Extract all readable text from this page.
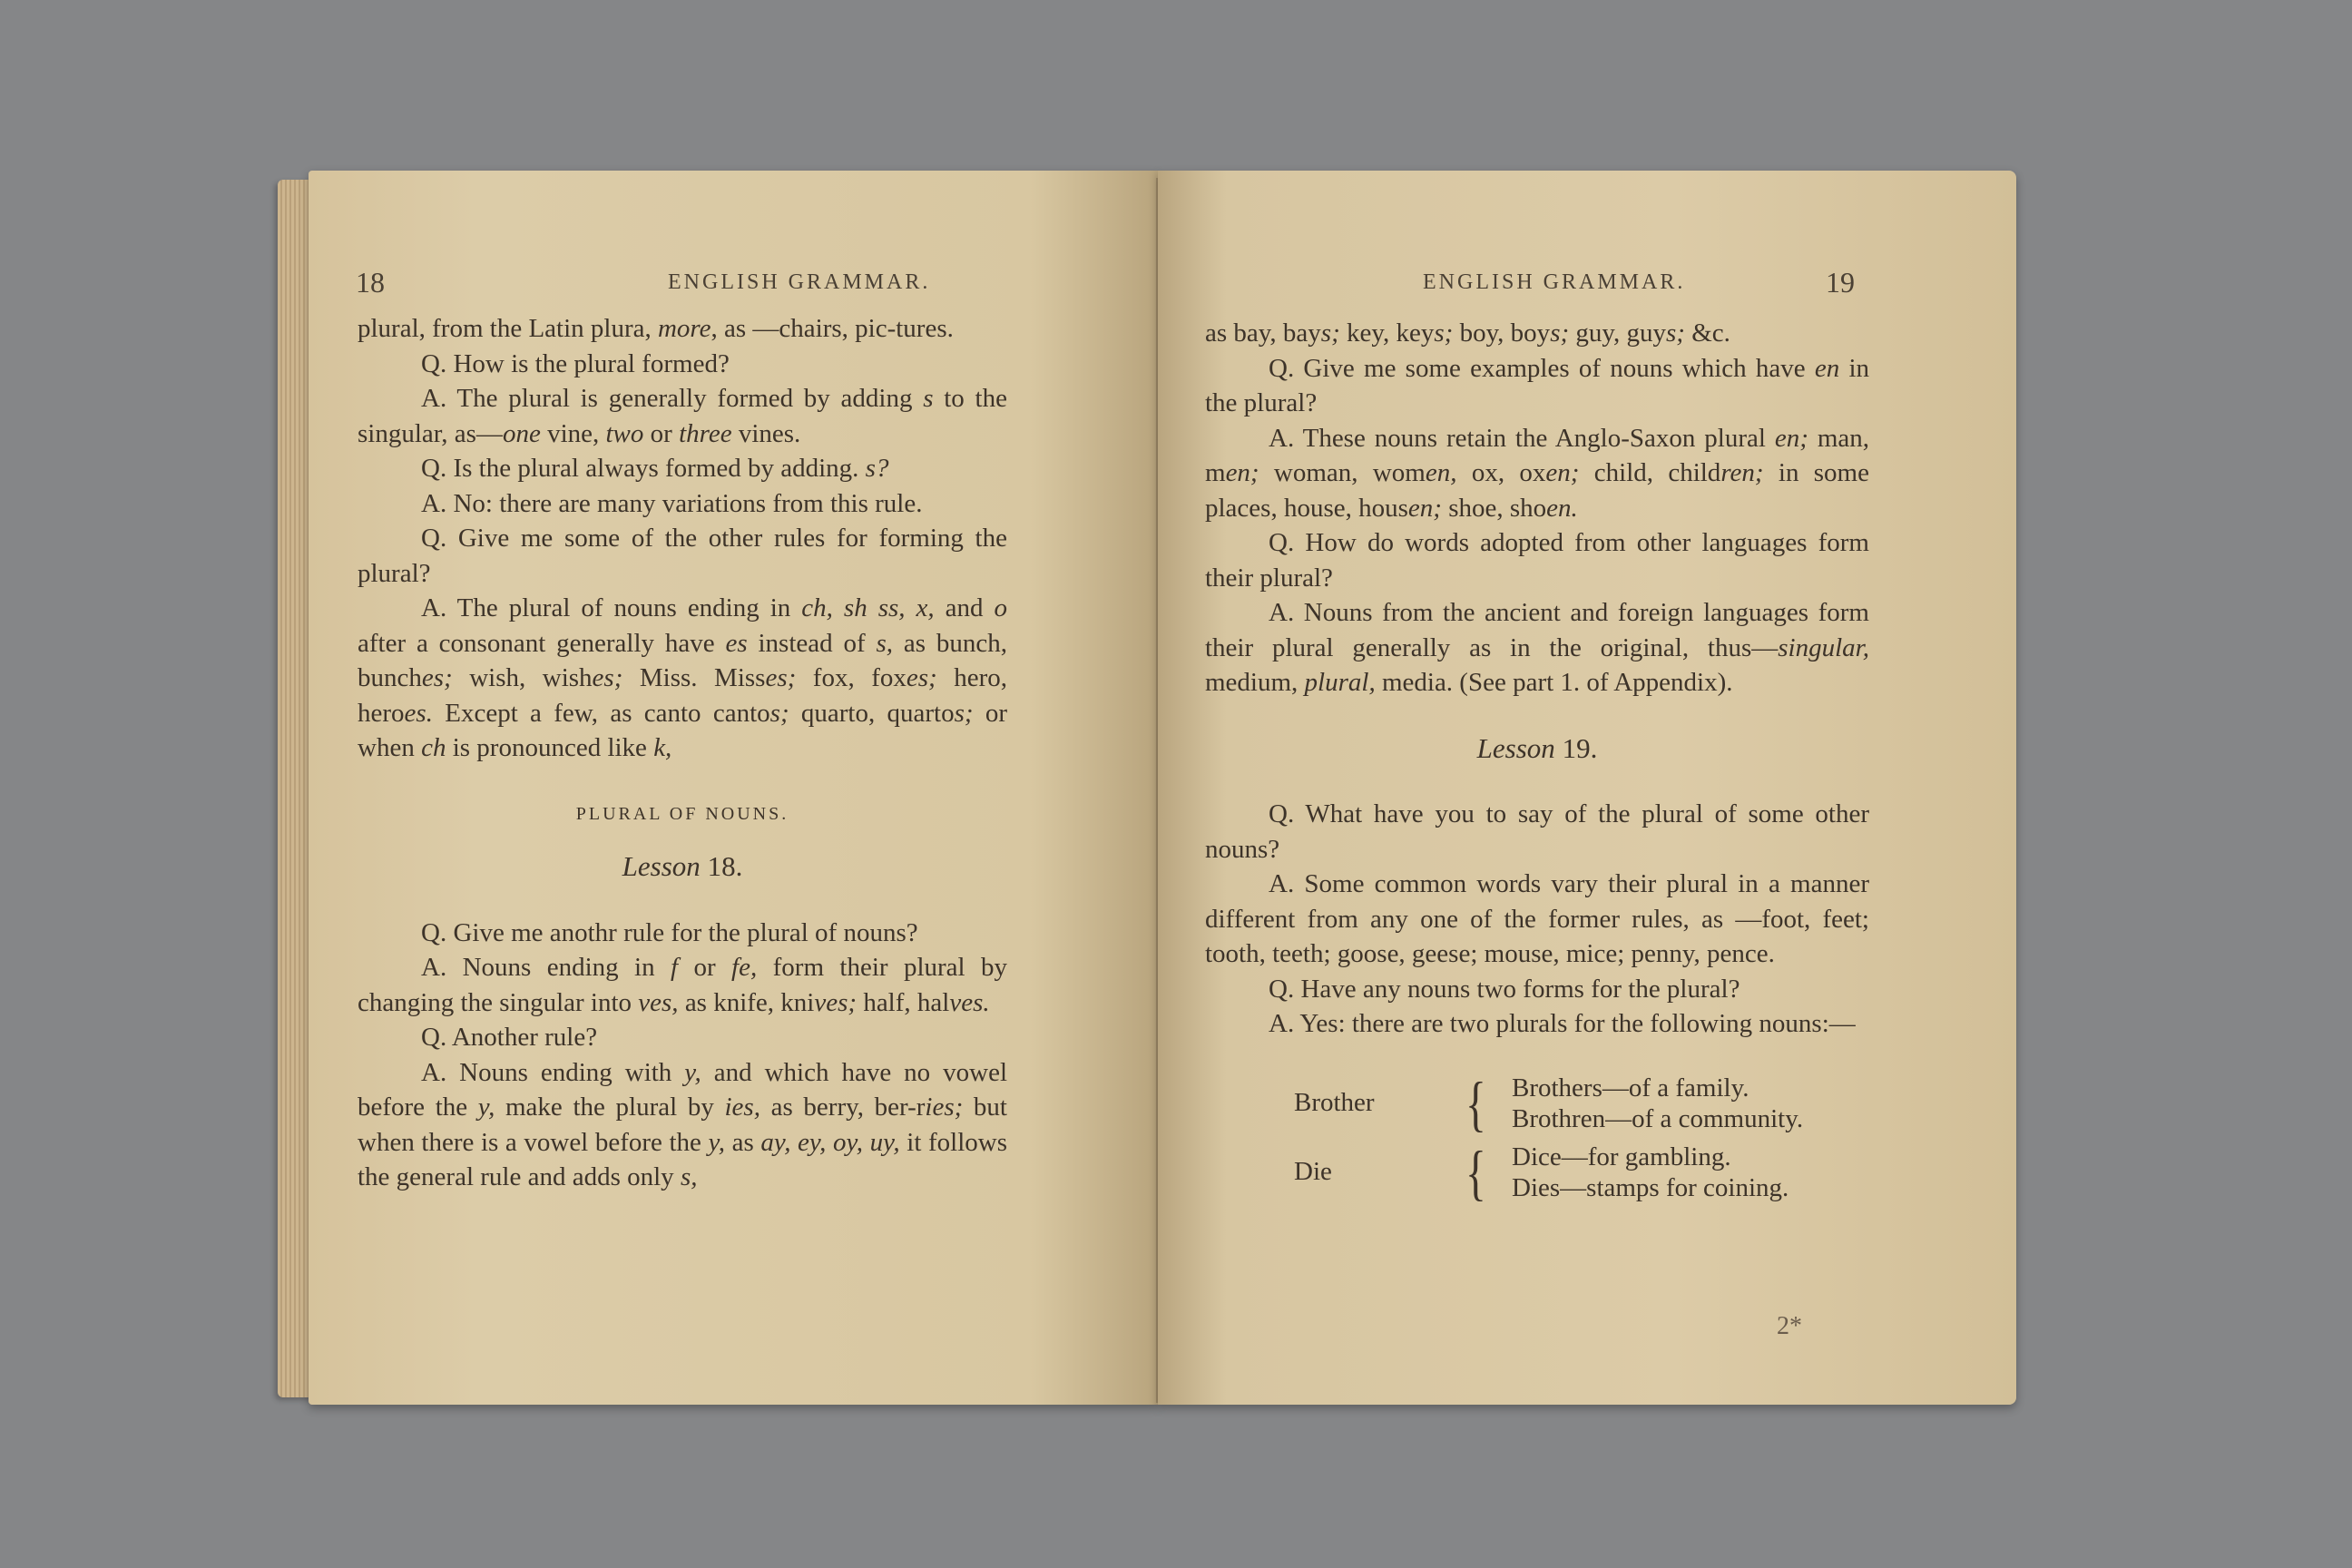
18	ENGLISH GRAMMAR.

plural, from the Latin plura, more, as —chairs, pic-tures.

Q. How is the plural formed?

A. The plural is generally formed by adding s to the singular, as—one vine, two or three vines.

Q. Is the plural always formed by adding. s?

A. No: there are many variations from this rule.

Q. Give me some of the other rules for forming the plural?

A. The plural of nouns ending in ch, sh ss, x, and o after a consonant generally have es instead of s, as bunch, bunches; wish, wishes; Miss. Misses; fox, foxes; hero, heroes. Except a few, as canto cantos; quarto, quartos; or when ch is pronounced like k,

PLURAL OF NOUNS.

Lesson 18.

Q. Give me anothr rule for the plural of nouns?

A. Nouns ending in f or fe, form their plural by changing the singular into ves, as knife, knives; half, halves.

Q. Another rule?

A. Nouns ending with y, and which have no vowel before the y, make the plural by ies, as berry, ber-ries; but when there is a vowel before the y, as ay, ey, oy, uy, it follows the general rule and adds only s,

ENGLISH GRAMMAR.	19

as bay, bays; key, keys; boy, boys; guy, guys; &c.

Q. Give me some examples of nouns which have en in the plural?

A. These nouns retain the Anglo-Saxon plural en; man, men; woman, women, ox, oxen; child, children; in some places, house, housen; shoe, shoen.

Q. How do words adopted from other languages form their plural?

A. Nouns from the ancient and foreign languages form their plural generally as in the original, thus—singular, medium, plural, media. (See part 1. of Appendix).

Lesson 19.

Q. What have you to say of the plural of some other nouns?

A. Some common words vary their plural in a manner different from any one of the former rules, as —foot, feet; tooth, teeth; goose, geese; mouse, mice; penny, pence.

Q. Have any nouns two forms for the plural?

A. Yes: there are two plurals for the following nouns:—

Brother	{ Brothers—of a family.
Brothren—of a community.
Die	{ Dice—for gambling.
Dies—stamps for coining.
2*
